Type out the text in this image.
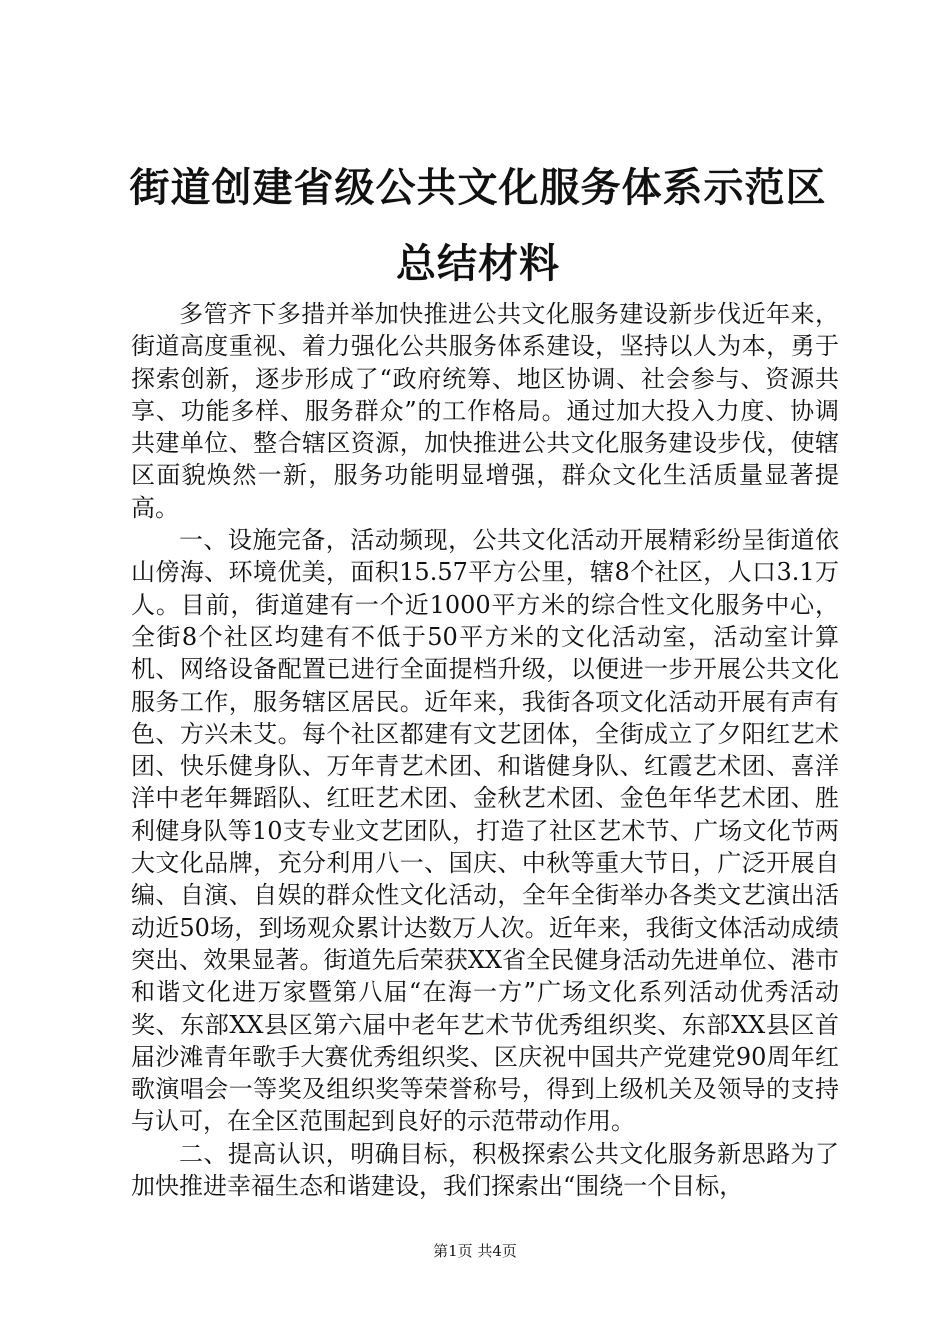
街道创建省级公共文化服务体系示范区总结材料

多管齐下多措并举加快推进公共文化服务建设新步伐近年来，街道高度重视、着力强化公共服务体系建设，坚持以人为本，勇于探索创新，逐步形成了“政府统筹、地区协调、社会参与、资源共享、功能多样、服务群众”的工作格局。通过加大投入力度、协调共建单位、整合辖区资源，加快推进公共文化服务建设步伐，使辖区面貌焕然一新，服务功能明显增强，群众文化生活质量显著提高。

一、设施完备，活动频现，公共文化活动开展精彩纷呈街道依山傍海、环境优美，面积15.57平方公里，辖8个社区，人口3.1万人。目前，街道建有一个近1000平方米的综合性文化服务中心，全街8个社区均建有不低于50平方米的文化活动室，活动室计算机、网络设备配置已进行全面提档升级，以便进一步开展公共文化服务工作，服务辖区居民。近年来，我街各项文化活动开展有声有色、方兴未艾。每个社区都建有文艺团体，全街成立了夕阳红艺术团、快乐健身队、万年青艺术团、和谐健身队、红霞艺术团、喜洋洋中老年舞蹈队、红旺艺术团、金秋艺术团、金色年华艺术团、胜利健身队等10支专业文艺团队，打造了社区艺术节、广场文化节两大文化品牌，充分利用八一、国庆、中秋等重大节日，广泛开展自编、自演、自娱的群众性文化活动，全年全街举办各类文艺演出活动近50场，到场观众累计达数万人次。近年来，我街文体活动成绩突出、效果显著。街道先后荣获XX省全民健身活动先进单位、港市和谐文化进万家暨第八届“在海一方”广场文化系列活动优秀活动奖、东部XX县区第六届中老年艺术节优秀组织奖、东部XX县区首届沙滩青年歌手大赛优秀组织奖、区庆祝中国共产党建党90周年红歌演唱会一等奖及组织奖等荣誉称号，得到上级机关及领导的支持与认可，在全区范围起到良好的示范带动作用。

二、提高认识，明确目标，积极探索公共文化服务新思路为了加快推进幸福生态和谐建设，我们探索出“围绕一个目标，

第1页 共4页
